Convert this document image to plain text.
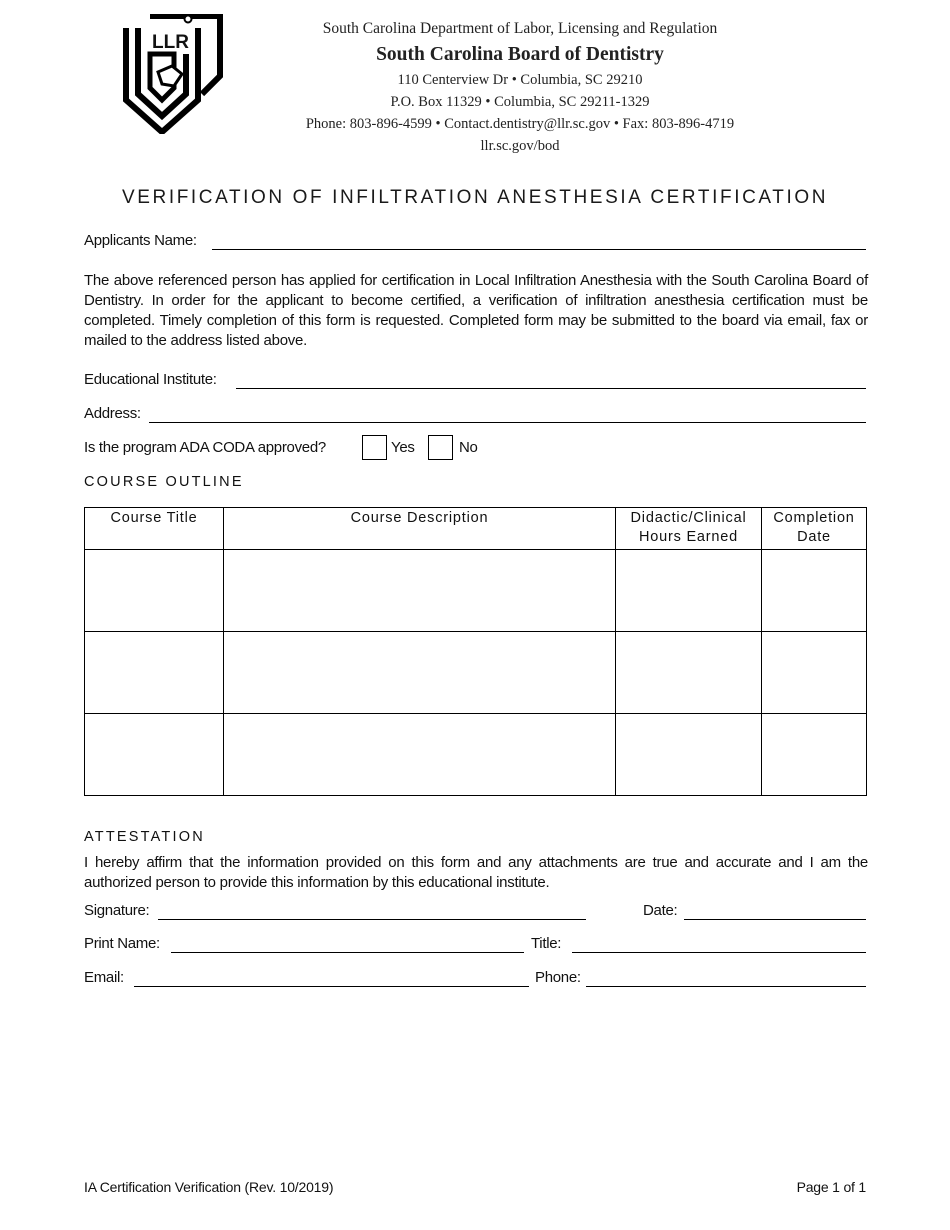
LLR
South Carolina Department of Labor, Licensing and Regulation
South Carolina Board of Dentistry
110 Centerview Dr • Columbia, SC 29210
P.O. Box 11329 • Columbia, SC 29211-1329
Phone: 803-896-4599 • Contact.dentistry@llr.sc.gov • Fax: 803-896-4719
llr.sc.gov/bod
VERIFICATION OF INFILTRATION ANESTHESIA CERTIFICATION
Applicants Name:
The above referenced person has applied for certification in Local Infiltration Anesthesia with the South Carolina Board of Dentistry. In order for the applicant to become certified, a verification of infiltration anesthesia certification must be completed. Timely completion of this form is requested. Completed form may be submitted to the board via email, fax or mailed to the address listed above.
Educational Institute:
Address:
Is the program ADA CODA approved?	Yes	No
COURSE OUTLINE
Course Title	Course Description	Didactic/Clinical Hours Earned	Completion Date

ATTESTATION
I hereby affirm that the information provided on this form and any attachments are true and accurate and I am the authorized person to provide this information by this educational institute.
Signature:	Date:
Print Name:	Title:
Email:	Phone:
IA Certification Verification (Rev. 10/2019)	Page 1 of 1
